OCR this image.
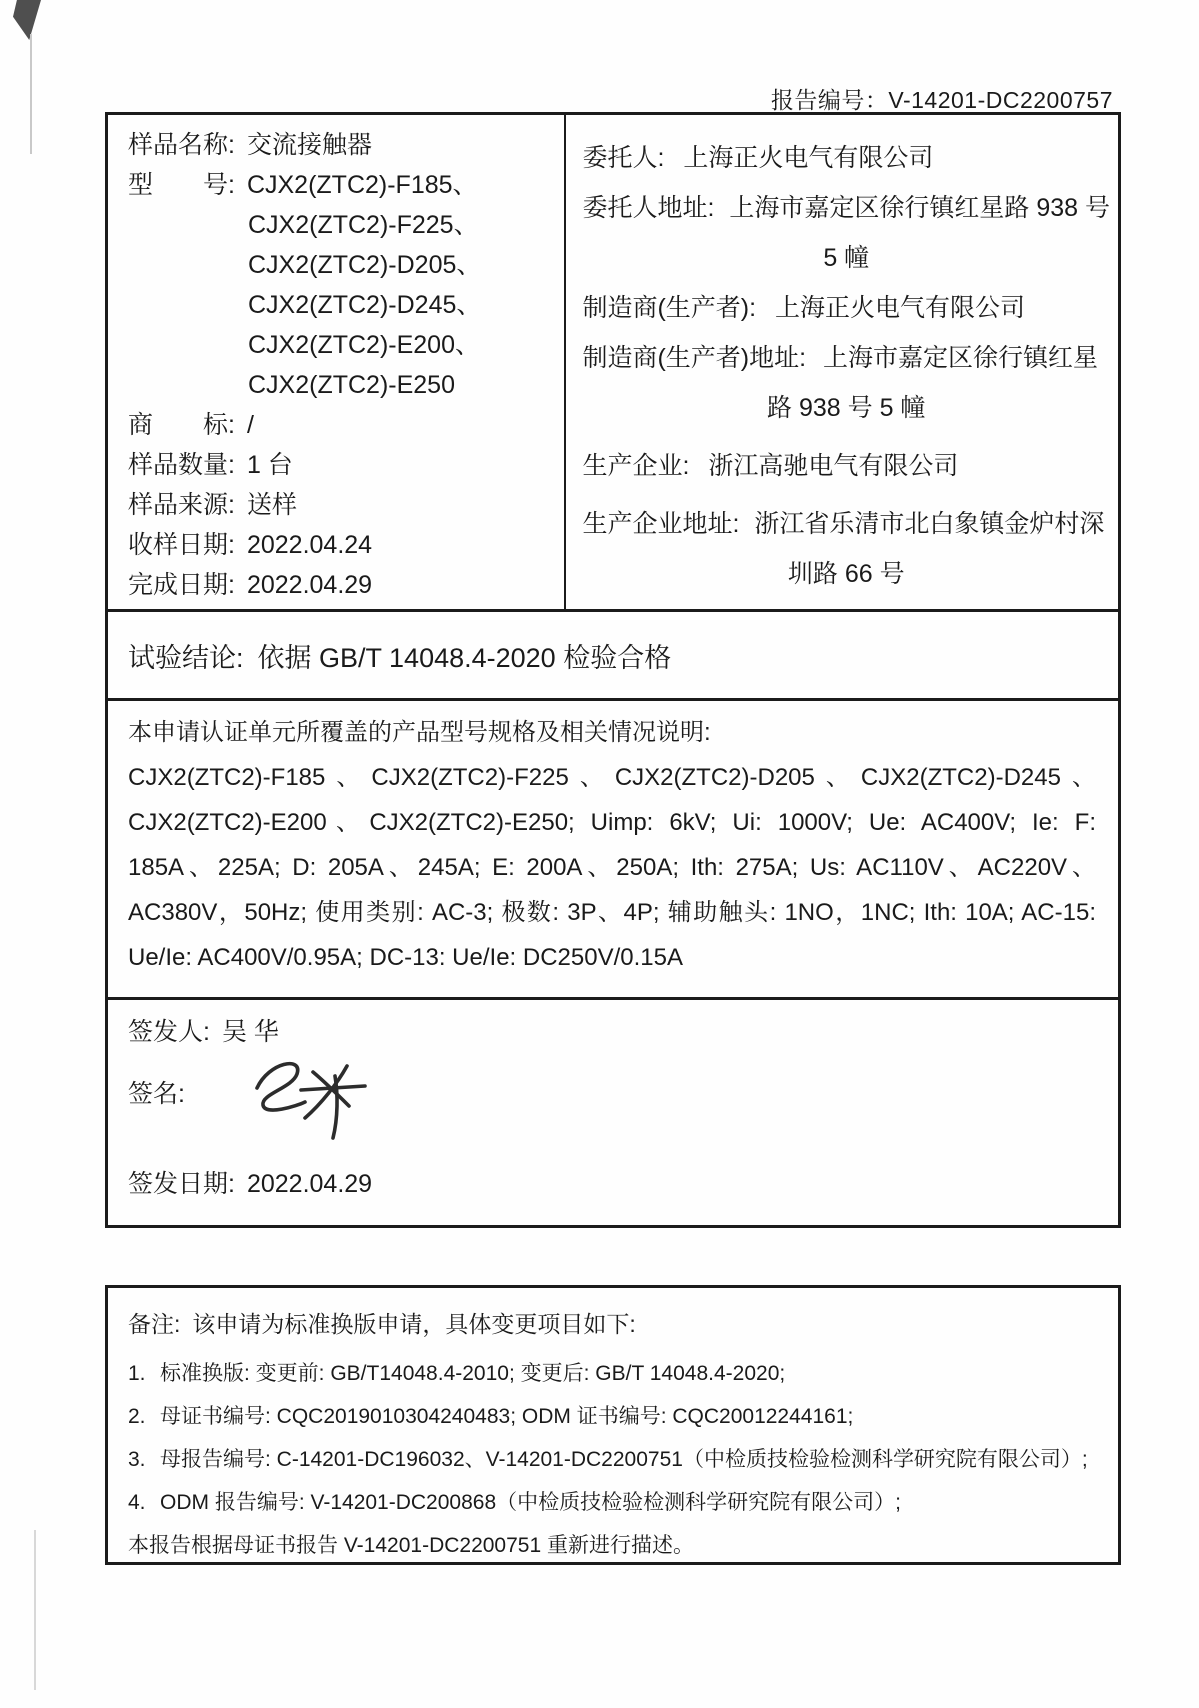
报告编号：V-14201-DC2200757
样品名称: 交流接触器
型　　号: CJX2(ZTC2)-F185、
CJX2(ZTC2)-F225、
CJX2(ZTC2)-D205、
CJX2(ZTC2)-D245、
CJX2(ZTC2)-E200、
CJX2(ZTC2)-E250
商　　标: /
样品数量: 1 台
样品来源: 送样
收样日期: 2022.04.24
完成日期: 2022.04.29
委托人: 上海正火电气有限公司
委托人地址: 上海市嘉定区徐行镇红星路 938 号
5 幢
制造商(生产者): 上海正火电气有限公司
制造商(生产者)地址: 上海市嘉定区徐行镇红星
路 938 号 5 幢
生产企业: 浙江高驰电气有限公司
生产企业地址: 浙江省乐清市北白象镇金炉村深
圳路 66 号
试验结论: 依据 GB/T 14048.4-2020 检验合格
本申请认证单元所覆盖的产品型号规格及相关情况说明:
CJX2(ZTC2)-F185、CJX2(ZTC2)-F225、CJX2(ZTC2)-D205、CJX2(ZTC2)-D245、
CJX2(ZTC2)-E200、CJX2(ZTC2)-E250; Uimp: 6kV; Ui: 1000V; Ue: AC400V; Ie: F:
185A、225A; D: 205A、245A; E: 200A、250A; Ith: 275A; Us: AC110V、AC220V、
AC380V，50Hz; 使用类别: AC-3; 极数: 3P、4P; 辅助触头: 1NO，1NC; Ith: 10A; AC-15:
Ue/Ie: AC400V/0.95A; DC-13: Ue/Ie: DC250V/0.15A
签发人: 吴 华
签名:
签发日期: 2022.04.29
备注: 该申请为标准换版申请，具体变更项目如下:
1. 标准换版: 变更前: GB/T14048.4-2010; 变更后: GB/T 14048.4-2020;
2. 母证书编号: CQC2019010304240483; ODM 证书编号: CQC20012244161;
3. 母报告编号: C-14201-DC196032、V-14201-DC2200751（中检质技检验检测科学研究院有限公司）;
4. ODM 报告编号: V-14201-DC200868（中检质技检验检测科学研究院有限公司）;
本报告根据母证书报告 V-14201-DC2200751 重新进行描述。
